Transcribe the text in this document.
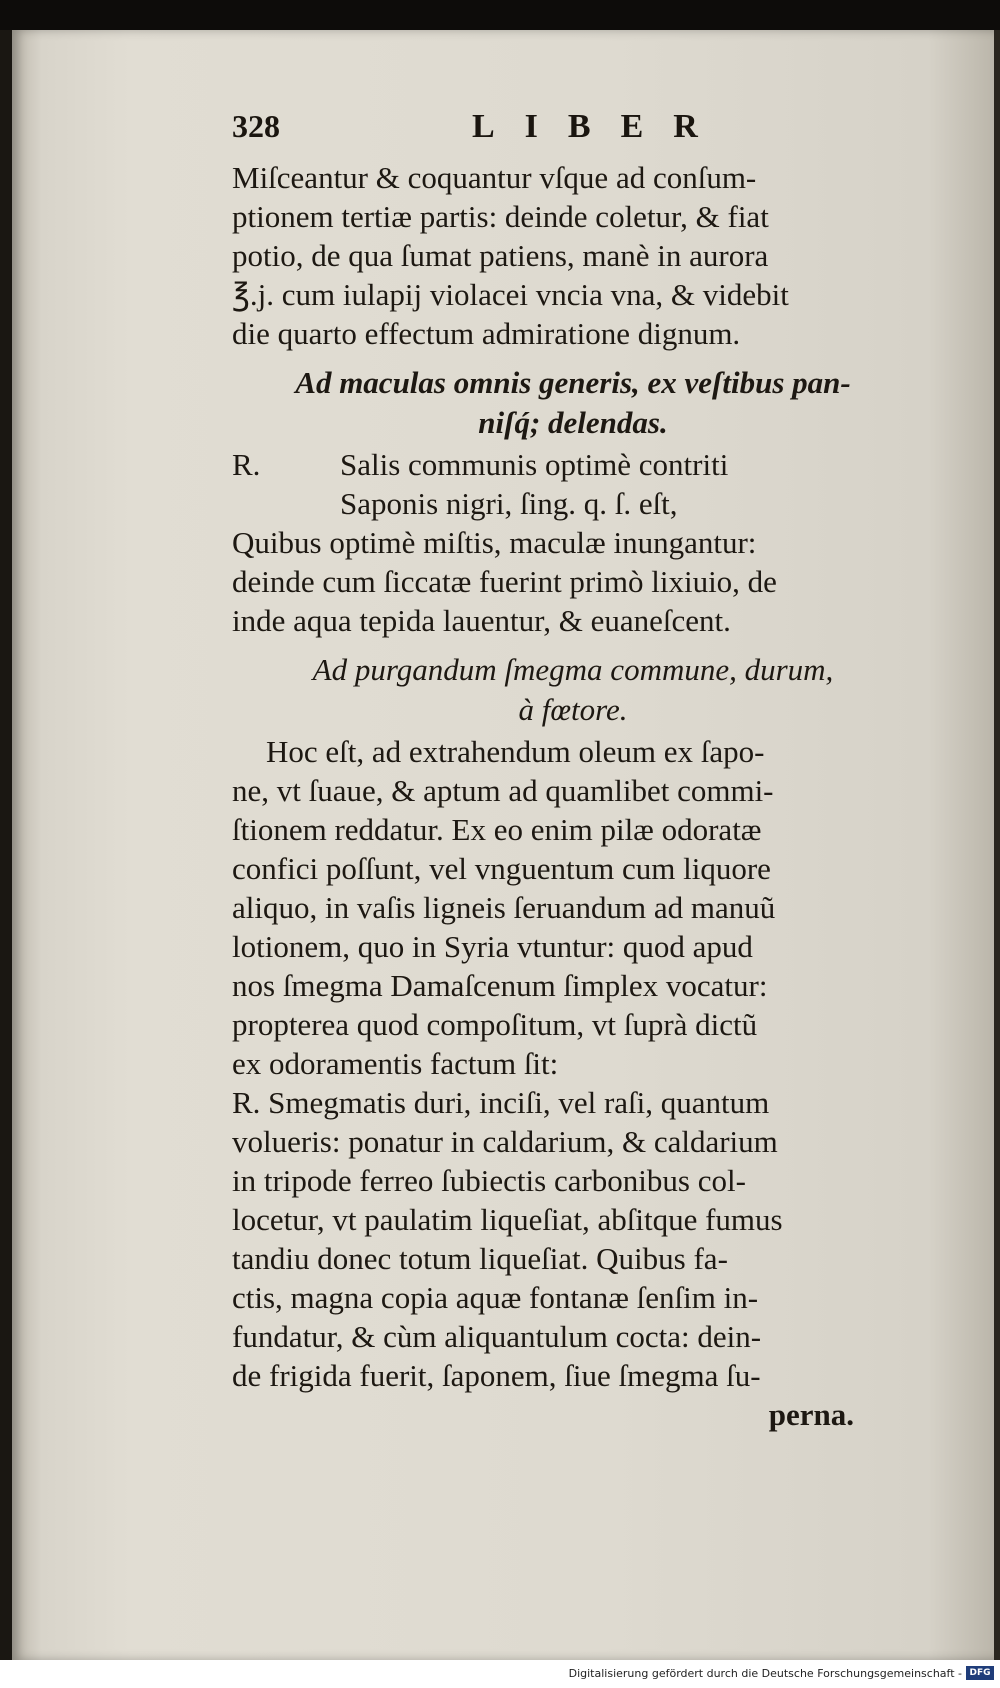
328	LIBER

Miſceantur & coquantur vſque ad conſum-

ptionem tertiæ partis: deinde coletur, & fiat

potio, de qua ſumat patiens, manè in aurora

℥.j. cum iulapij violacei vncia vna, & videbit

die quarto effectum admiratione dignum.

Ad maculas omnis generis, ex veſtibus pan-
niſq́; delendas.
R.	Salis communis optimè contriti
Saponis nigri, ſing. q. ſ. eſt,

Quibus optimè miſtis, maculæ inungantur:

deinde cum ſiccatæ fuerint primò lixiuio, de

inde aqua tepida lauentur, & euaneſcent.

Ad purgandum ſmegma commune, durum,
à fœtore.

Hoc eſt, ad extrahendum oleum ex ſapo-

ne, vt ſuaue, & aptum ad quamlibet commi-

ſtionem reddatur. Ex eo enim pilæ odoratæ

confici poſſunt, vel vnguentum cum liquore

aliquo, in vaſis ligneis ſeruandum ad manuũ

lotionem, quo in Syria vtuntur: quod apud

nos ſmegma Damaſcenum ſimplex vocatur:

propterea quod compoſitum, vt ſuprà dictũ

ex odoramentis factum ſit:

R. Smegmatis duri, inciſi, vel raſi, quantum

volueris: ponatur in caldarium, & caldarium

in tripode ferreo ſubiectis carbonibus col-

locetur, vt paulatim liqueſiat, abſitque fumus

tandiu donec totum liqueſiat. Quibus fa-

ctis, magna copia aquæ fontanæ ſenſim in-

fundatur, & cùm aliquantulum cocta: dein-

de frigida fuerit, ſaponem, ſiue ſmegma ſu-

perna.

Digitalisierung gefördert durch die Deutsche Forschungsgemeinschaft - DFG
